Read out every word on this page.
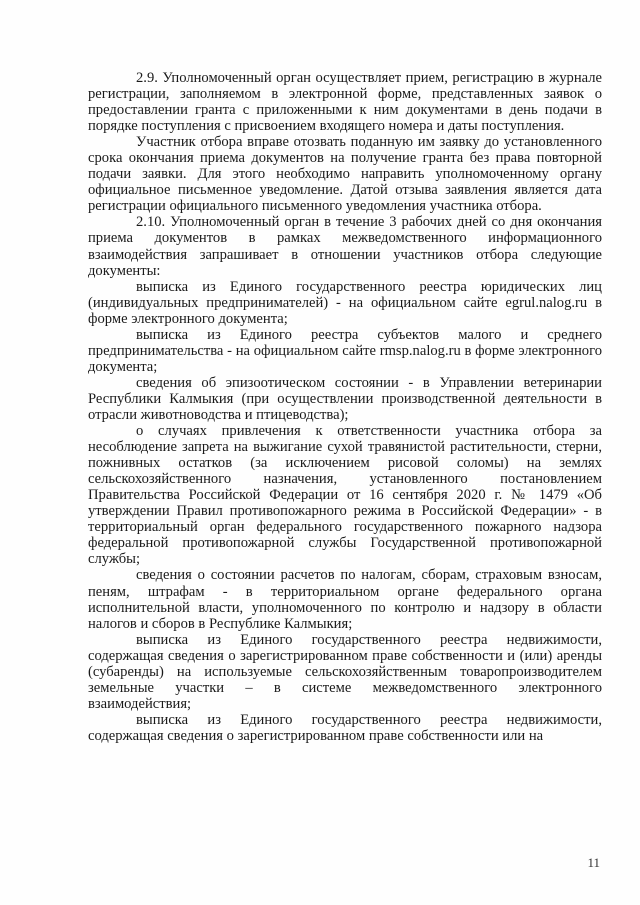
2.9. Уполномоченный орган осуществляет прием, регистрацию в журнале регистрации, заполняемом в электронной форме, представленных заявок о предоставлении гранта с приложенными к ним документами в день подачи в порядке поступления с присвоением входящего номера и даты поступления.

Участник отбора вправе отозвать поданную им заявку до установленного срока окончания приема документов на получение гранта без права повторной подачи заявки. Для этого необходимо направить уполномоченному органу официальное письменное уведомление. Датой отзыва заявления является дата регистрации официального письменного уведомления участника отбора.

2.10. Уполномоченный орган в течение 3 рабочих дней со дня окончания приема документов в рамках межведомственного информационного взаимодействия запрашивает в отношении участников отбора следующие документы:

выписка из Единого государственного реестра юридических лиц (индивидуальных предпринимателей) - на официальном сайте egrul.nalog.ru в форме электронного документа;

выписка из Единого реестра субъектов малого и среднего предпринимательства - на официальном сайте rmsp.nalog.ru в форме электронного документа;

сведения об эпизоотическом состоянии - в Управлении ветеринарии Республики Калмыкия (при осуществлении производственной деятельности в отрасли животноводства и птицеводства);

о случаях привлечения к ответственности участника отбора за несоблюдение запрета на выжигание сухой травянистой растительности, стерни, пожнивных остатков (за исключением рисовой соломы) на землях сельскохозяйственного назначения, установленного постановлением Правительства Российской Федерации от 16 сентября 2020 г. № 1479 «Об утверждении Правил противопожарного режима в Российской Федерации» - в территориальный орган федерального государственного пожарного надзора федеральной противопожарной службы Государственной противопожарной службы;

сведения о состоянии расчетов по налогам, сборам, страховым взносам, пеням, штрафам - в территориальном органе федерального органа исполнительной власти, уполномоченного по контролю и надзору в области налогов и сборов в Республике Калмыкия;

выписка из Единого государственного реестра недвижимости, содержащая сведения о зарегистрированном праве собственности и (или) аренды (субаренды) на используемые сельскохозяйственным товаропроизводителем земельные участки – в системе межведомственного электронного взаимодействия;

выписка из Единого государственного реестра недвижимости, содержащая сведения о зарегистрированном праве собственности или на

11
